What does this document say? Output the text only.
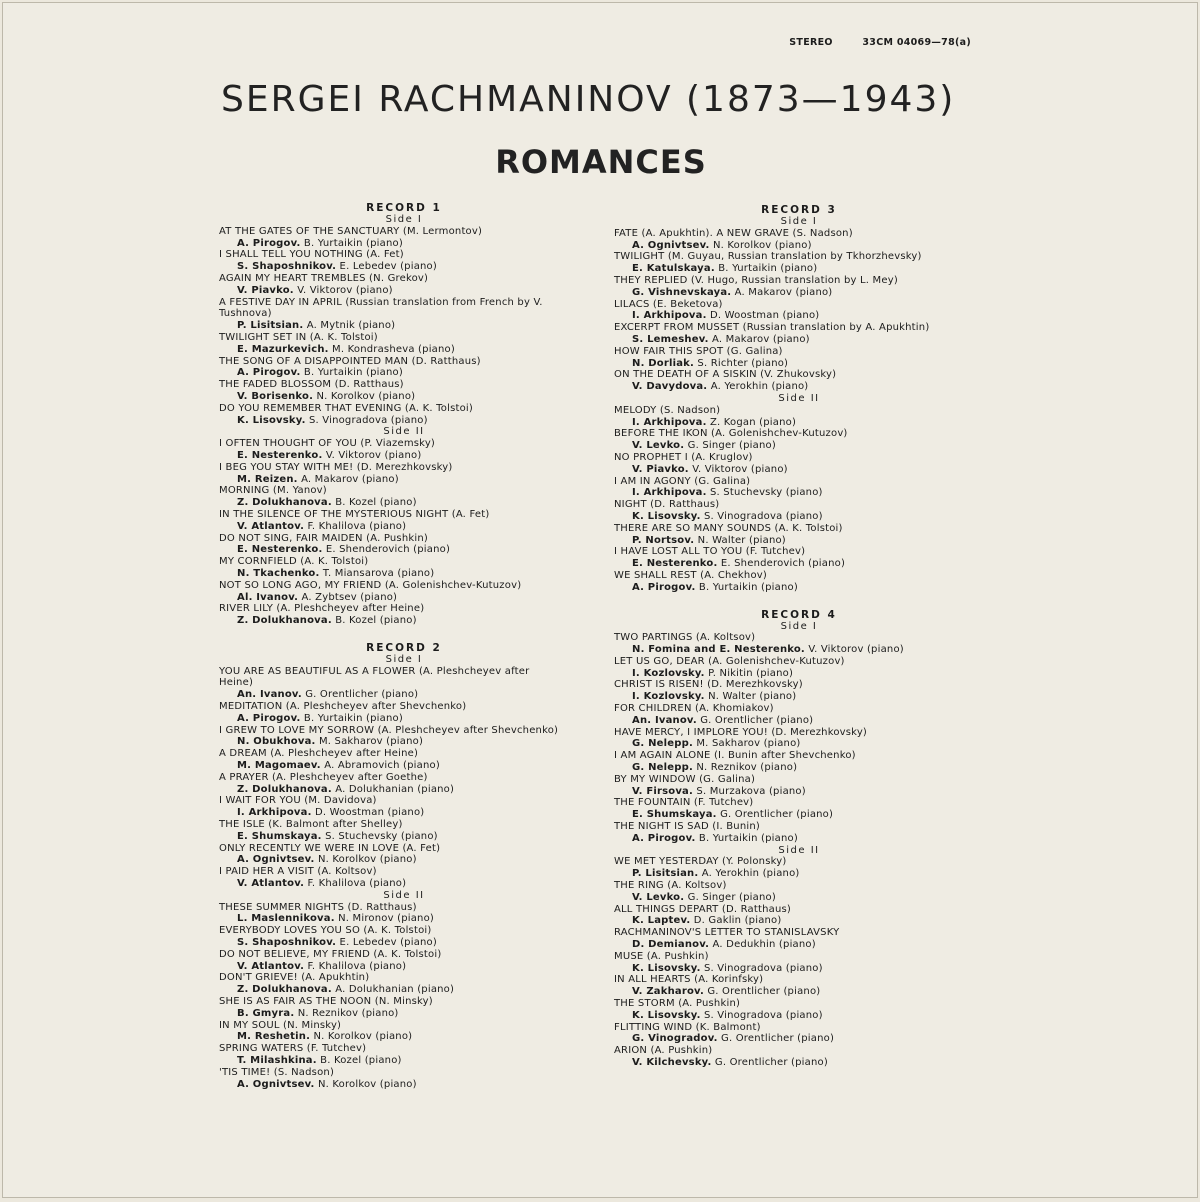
STEREO	33CM 04069—78(a)
SERGEI RACHMANINOV (1873—1943)
ROMANCES
RECORD 1
Side I
AT THE GATES OF THE SANCTUARY (M. Lermontov)
A. Pirogov. B. Yurtaikin (piano)
I SHALL TELL YOU NOTHING (A. Fet)
S. Shaposhnikov. E. Lebedev (piano)
AGAIN MY HEART TREMBLES (N. Grekov)
V. Piavko. V. Viktorov (piano)
A FESTIVE DAY IN APRIL (Russian translation from French by V. Tushnova)
P. Lisitsian. A. Mytnik (piano)
TWILIGHT SET IN (A. K. Tolstoi)
E. Mazurkevich. M. Kondrasheva (piano)
THE SONG OF A DISAPPOINTED MAN (D. Ratthaus)
A. Pirogov. B. Yurtaikin (piano)
THE FADED BLOSSOM (D. Ratthaus)
V. Borisenko. N. Korolkov (piano)
DO YOU REMEMBER THAT EVENING (A. K. Tolstoi)
K. Lisovsky. S. Vinogradova (piano)
Side II
I OFTEN THOUGHT OF YOU (P. Viazemsky)
E. Nesterenko. V. Viktorov (piano)
I BEG YOU STAY WITH ME! (D. Merezhkovsky)
M. Reizen. A. Makarov (piano)
MORNING (M. Yanov)
Z. Dolukhanova. B. Kozel (piano)
IN THE SILENCE OF THE MYSTERIOUS NIGHT (A. Fet)
V. Atlantov. F. Khalilova (piano)
DO NOT SING, FAIR MAIDEN (A. Pushkin)
E. Nesterenko. E. Shenderovich (piano)
MY CORNFIELD (A. K. Tolstoi)
N. Tkachenko. T. Miansarova (piano)
NOT SO LONG AGO, MY FRIEND (A. Golenishchev-Kutuzov)
Al. Ivanov. A. Zybtsev (piano)
RIVER LILY (A. Pleshcheyev after Heine)
Z. Dolukhanova. B. Kozel (piano)
RECORD 2
Side I
YOU ARE AS BEAUTIFUL AS A FLOWER (A. Pleshcheyev after Heine)
An. Ivanov. G. Orentlicher (piano)
MEDITATION (A. Pleshcheyev after Shevchenko)
A. Pirogov. B. Yurtaikin (piano)
I GREW TO LOVE MY SORROW (A. Pleshcheyev after Shevchenko)
N. Obukhova. M. Sakharov (piano)
A DREAM (A. Pleshcheyev after Heine)
M. Magomaev. A. Abramovich (piano)
A PRAYER (A. Pleshcheyev after Goethe)
Z. Dolukhanova. A. Dolukhanian (piano)
I WAIT FOR YOU (M. Davidova)
I. Arkhipova. D. Woostman (piano)
THE ISLE (K. Balmont after Shelley)
E. Shumskaya. S. Stuchevsky (piano)
ONLY RECENTLY WE WERE IN LOVE (A. Fet)
A. Ognivtsev. N. Korolkov (piano)
I PAID HER A VISIT (A. Koltsov)
V. Atlantov. F. Khalilova (piano)
Side II
THESE SUMMER NIGHTS (D. Ratthaus)
L. Maslennikova. N. Mironov (piano)
EVERYBODY LOVES YOU SO (A. K. Tolstoi)
S. Shaposhnikov. E. Lebedev (piano)
DO NOT BELIEVE, MY FRIEND (A. K. Tolstoi)
V. Atlantov. F. Khalilova (piano)
DON'T GRIEVE! (A. Apukhtin)
Z. Dolukhanova. A. Dolukhanian (piano)
SHE IS AS FAIR AS THE NOON (N. Minsky)
B. Gmyra. N. Reznikov (piano)
IN MY SOUL (N. Minsky)
M. Reshetin. N. Korolkov (piano)
SPRING WATERS (F. Tutchev)
T. Milashkina. B. Kozel (piano)
'TIS TIME! (S. Nadson)
A. Ognivtsev. N. Korolkov (piano)
RECORD 3
Side I
FATE (A. Apukhtin). A NEW GRAVE (S. Nadson)
A. Ognivtsev. N. Korolkov (piano)
TWILIGHT (M. Guyau, Russian translation by Tkhorzhevsky)
E. Katulskaya. B. Yurtaikin (piano)
THEY REPLIED (V. Hugo, Russian translation by L. Mey)
G. Vishnevskaya. A. Makarov (piano)
LILACS (E. Beketova)
I. Arkhipova. D. Woostman (piano)
EXCERPT FROM MUSSET (Russian translation by A. Apukhtin)
S. Lemeshev. A. Makarov (piano)
HOW FAIR THIS SPOT (G. Galina)
N. Dorliak. S. Richter (piano)
ON THE DEATH OF A SISKIN (V. Zhukovsky)
V. Davydova. A. Yerokhin (piano)
Side II
MELODY (S. Nadson)
I. Arkhipova. Z. Kogan (piano)
BEFORE THE IKON (A. Golenishchev-Kutuzov)
V. Levko. G. Singer (piano)
NO PROPHET I (A. Kruglov)
V. Piavko. V. Viktorov (piano)
I AM IN AGONY (G. Galina)
I. Arkhipova. S. Stuchevsky (piano)
NIGHT (D. Ratthaus)
K. Lisovsky. S. Vinogradova (piano)
THERE ARE SO MANY SOUNDS (A. K. Tolstoi)
P. Nortsov. N. Walter (piano)
I HAVE LOST ALL TO YOU (F. Tutchev)
E. Nesterenko. E. Shenderovich (piano)
WE SHALL REST (A. Chekhov)
A. Pirogov. B. Yurtaikin (piano)
RECORD 4
Side I
TWO PARTINGS (A. Koltsov)
N. Fomina and E. Nesterenko. V. Viktorov (piano)
LET US GO, DEAR (A. Golenishchev-Kutuzov)
I. Kozlovsky. P. Nikitin (piano)
CHRIST IS RISEN! (D. Merezhkovsky)
I. Kozlovsky. N. Walter (piano)
FOR CHILDREN (A. Khomiakov)
An. Ivanov. G. Orentlicher (piano)
HAVE MERCY, I IMPLORE YOU! (D. Merezhkovsky)
G. Nelepp. M. Sakharov (piano)
I AM AGAIN ALONE (I. Bunin after Shevchenko)
G. Nelepp. N. Reznikov (piano)
BY MY WINDOW (G. Galina)
V. Firsova. S. Murzakova (piano)
THE FOUNTAIN (F. Tutchev)
E. Shumskaya. G. Orentlicher (piano)
THE NIGHT IS SAD (I. Bunin)
A. Pirogov. B. Yurtaikin (piano)
Side II
WE MET YESTERDAY (Y. Polonsky)
P. Lisitsian. A. Yerokhin (piano)
THE RING (A. Koltsov)
V. Levko. G. Singer (piano)
ALL THINGS DEPART (D. Ratthaus)
K. Laptev. D. Gaklin (piano)
RACHMANINOV'S LETTER TO STANISLAVSKY
D. Demianov. A. Dedukhin (piano)
MUSE (A. Pushkin)
K. Lisovsky. S. Vinogradova (piano)
IN ALL HEARTS (A. Korinfsky)
V. Zakharov. G. Orentlicher (piano)
THE STORM (A. Pushkin)
K. Lisovsky. S. Vinogradova (piano)
FLITTING WIND (K. Balmont)
G. Vinogradov. G. Orentlicher (piano)
ARION (A. Pushkin)
V. Kilchevsky. G. Orentlicher (piano)
